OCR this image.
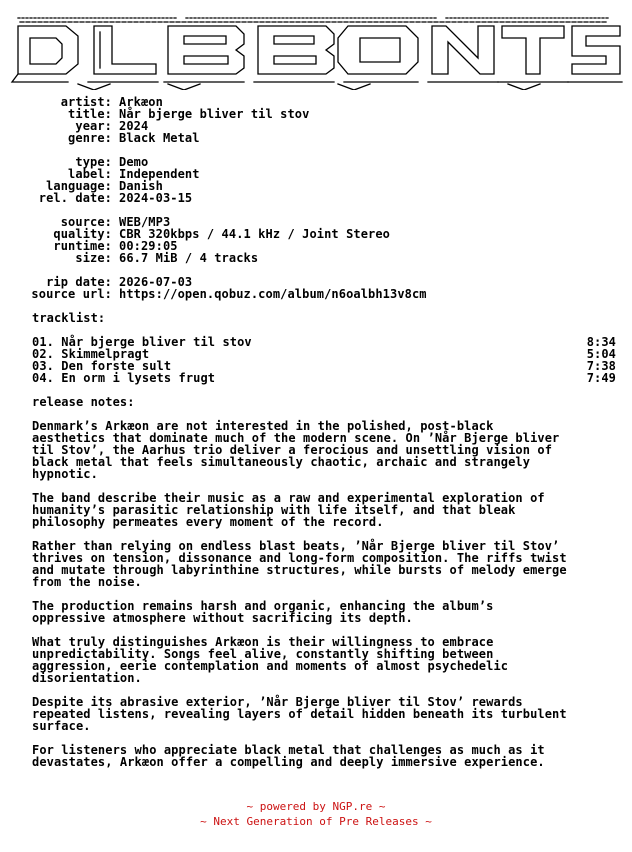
artist: Arkæon
title: Når bjerge bliver til stov
year: 2024
genre: Black Metal
type: Demo
label: Independent
language: Danish
rel. date: 2024-03-15
source: WEB/MP3
quality: CBR 320kbps / 44.1 kHz / Joint Stereo
runtime: 00:29:05
size: 66.7 MiB / 4 tracks
rip date: 2026-07-03
source url: https://open.qobuz.com/album/n6oalbh13v8cm
tracklist:
01. Når bjerge bliver til stov	8:34
02. Skimmelpragt	5:04
03. Den forste sult	7:38
04. En orm i lysets frugt	7:49
release notes:
Denmark’s Arkæon are not interested in the polished, post-black
aesthetics that dominate much of the modern scene. On ’Når Bjerge bliver
til Stov’, the Aarhus trio deliver a ferocious and unsettling vision of
black metal that feels simultaneously chaotic, archaic and strangely
hypnotic.
The band describe their music as a raw and experimental exploration of
humanity’s parasitic relationship with life itself, and that bleak
philosophy permeates every moment of the record.
Rather than relying on endless blast beats, ’Når Bjerge bliver til Stov’
thrives on tension, dissonance and long-form composition. The riffs twist
and mutate through labyrinthine structures, while bursts of melody emerge
from the noise.
The production remains harsh and organic, enhancing the album’s
oppressive atmosphere without sacrificing its depth.
What truly distinguishes Arkæon is their willingness to embrace
unpredictability. Songs feel alive, constantly shifting between
aggression, eerie contemplation and moments of almost psychedelic
disorientation.
Despite its abrasive exterior, ’Når Bjerge bliver til Stov’ rewards
repeated listens, revealing layers of detail hidden beneath its turbulent
surface.
For listeners who appreciate black metal that challenges as much as it
devastates, Arkæon offer a compelling and deeply immersive experience.
~ powered by NGP.re ~
~ Next Generation of Pre Releases ~
